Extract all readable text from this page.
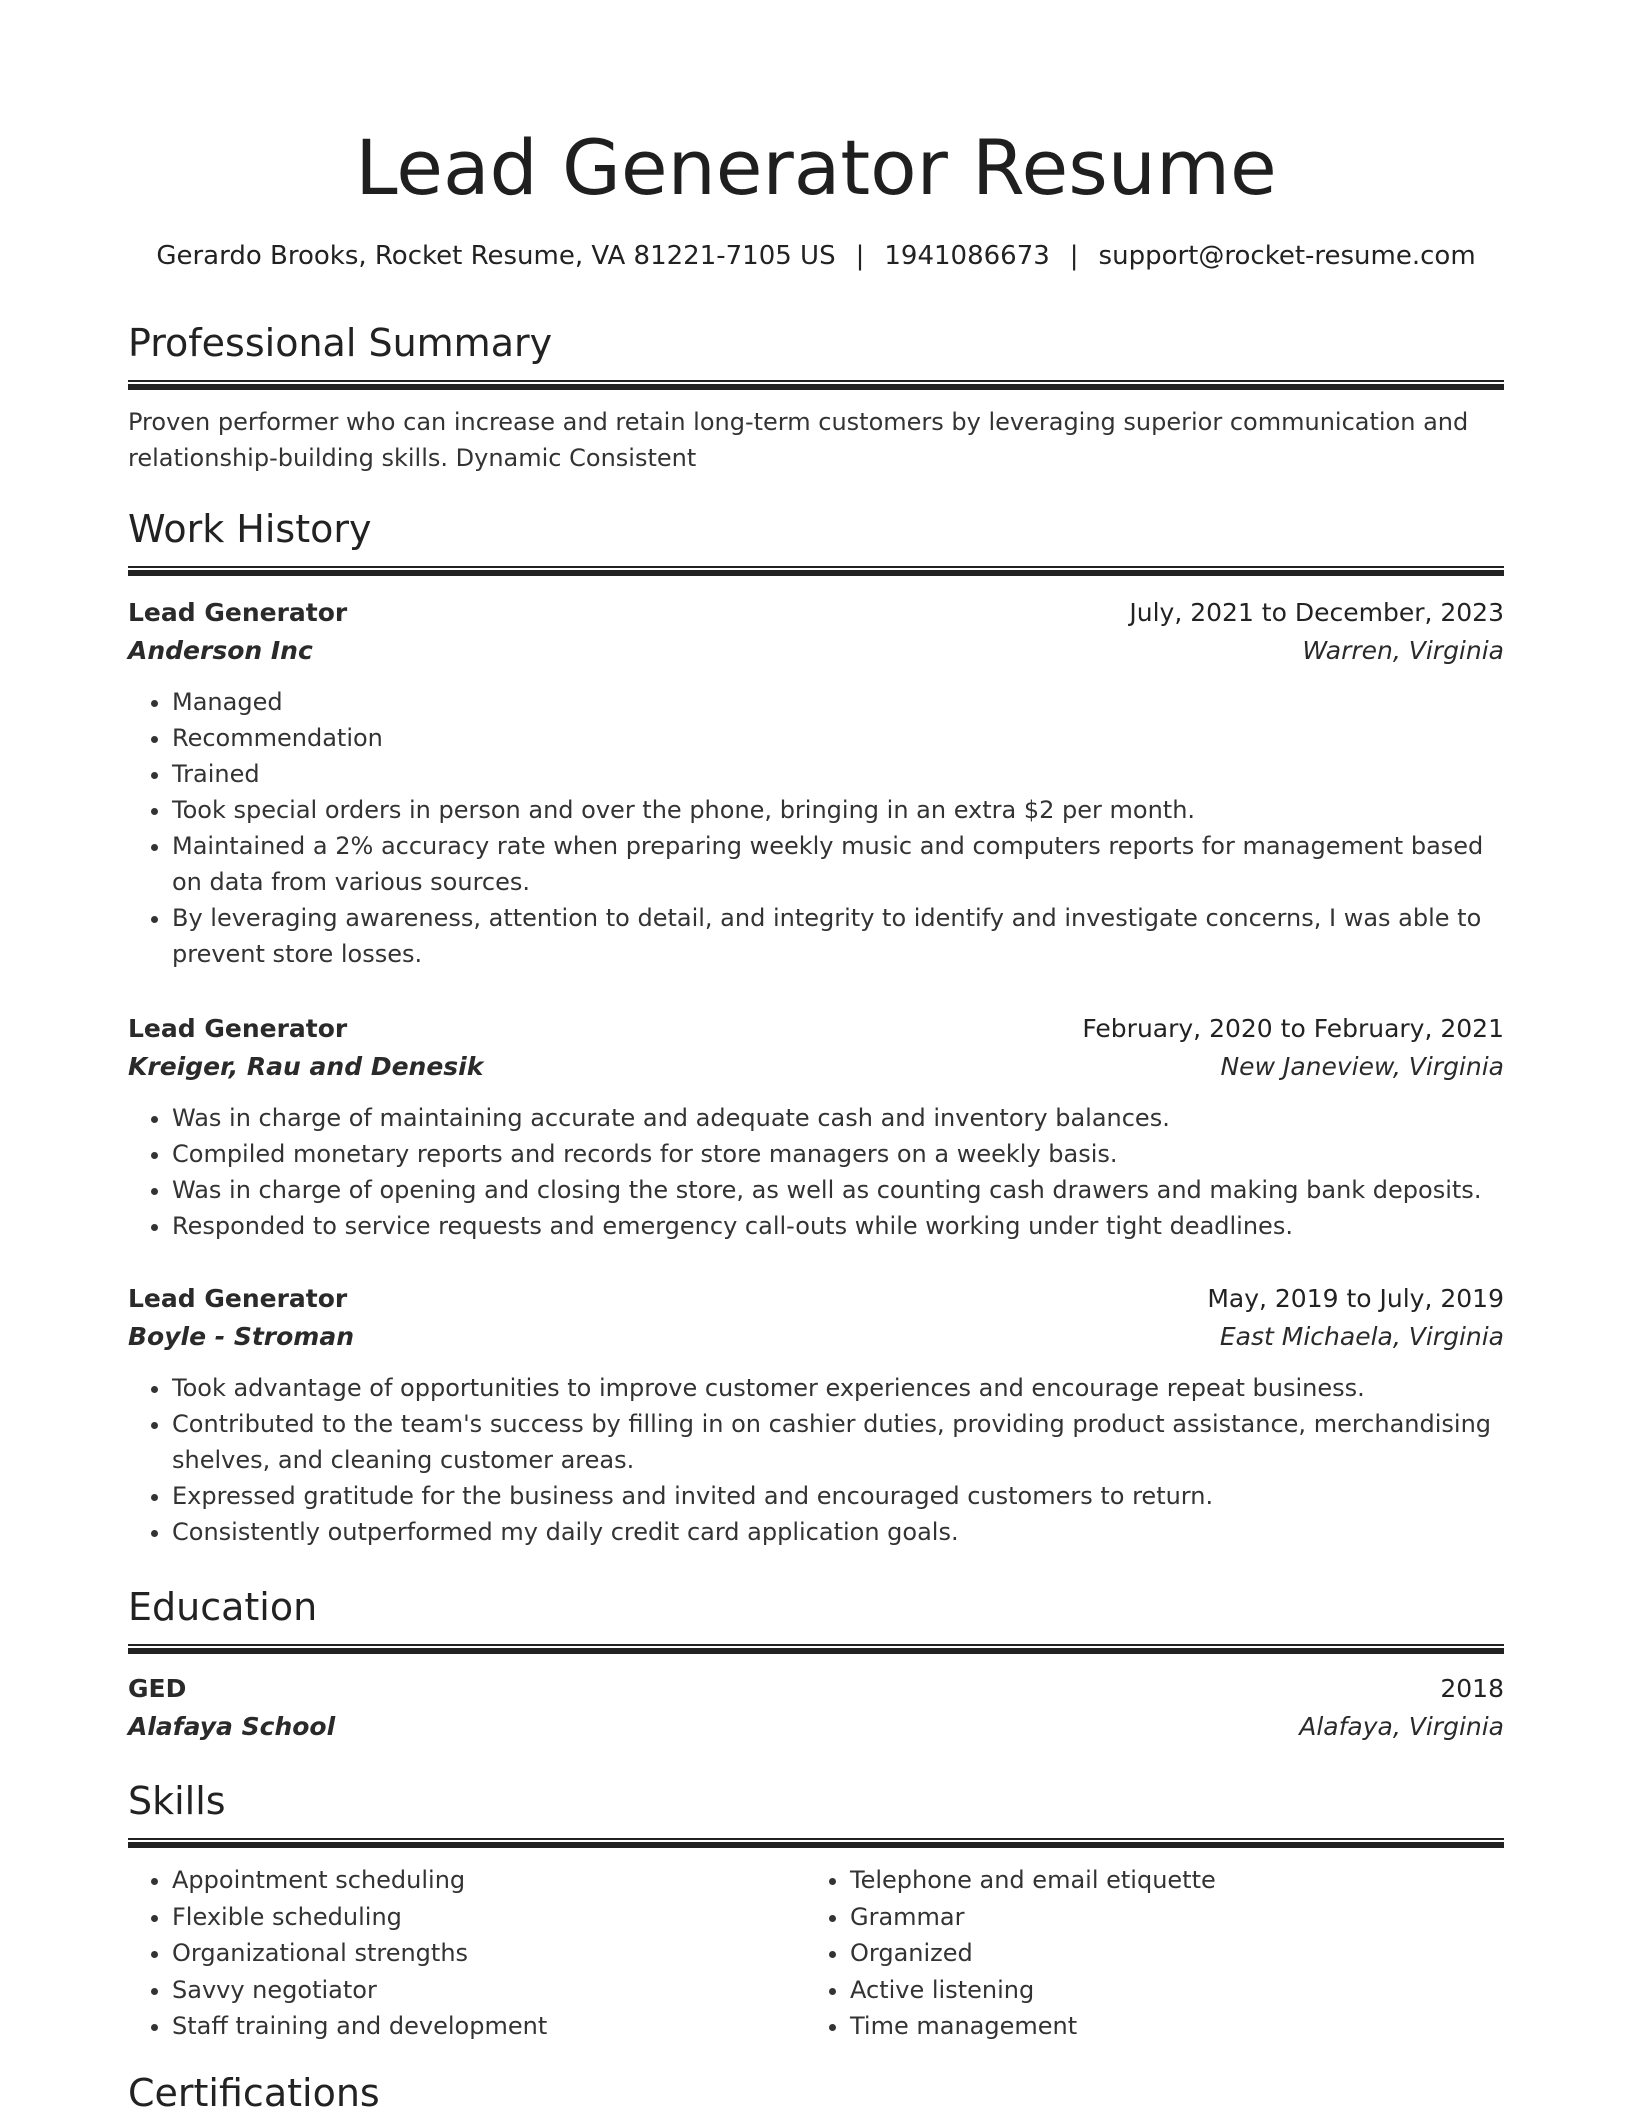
Lead Generator Resume
Gerardo Brooks, Rocket Resume, VA 81221-7105 US | 1941086673 | support@rocket-resume.com
Professional Summary

Proven performer who can increase and retain long-term customers by leveraging superior communication and relationship-building skills. Dynamic Consistent

Work History
Lead Generator	July, 2021 to December, 2023
Anderson Inc	Warren, Virginia
• Managed
• Recommendation
• Trained
• Took special orders in person and over the phone, bringing in an extra $2 per month.
• Maintained a 2% accuracy rate when preparing weekly music and computers reports for management based on data from various sources.
• By leveraging awareness, attention to detail, and integrity to identify and investigate concerns, I was able to prevent store losses.
Lead Generator	February, 2020 to February, 2021
Kreiger, Rau and Denesik	New Janeview, Virginia
• Was in charge of maintaining accurate and adequate cash and inventory balances.
• Compiled monetary reports and records for store managers on a weekly basis.
• Was in charge of opening and closing the store, as well as counting cash drawers and making bank deposits.
• Responded to service requests and emergency call-outs while working under tight deadlines.
Lead Generator	May, 2019 to July, 2019
Boyle - Stroman	East Michaela, Virginia
• Took advantage of opportunities to improve customer experiences and encourage repeat business.
• Contributed to the team's success by filling in on cashier duties, providing product assistance, merchandising shelves, and cleaning customer areas.
• Expressed gratitude for the business and invited and encouraged customers to return.
• Consistently outperformed my daily credit card application goals.
Education
GED	2018
Alafaya School	Alafaya, Virginia
Skills
• Appointment scheduling
• Flexible scheduling
• Organizational strengths
• Savvy negotiator
• Staff training and development
• Telephone and email etiquette
• Grammar
• Organized
• Active listening
• Time management
Certifications
